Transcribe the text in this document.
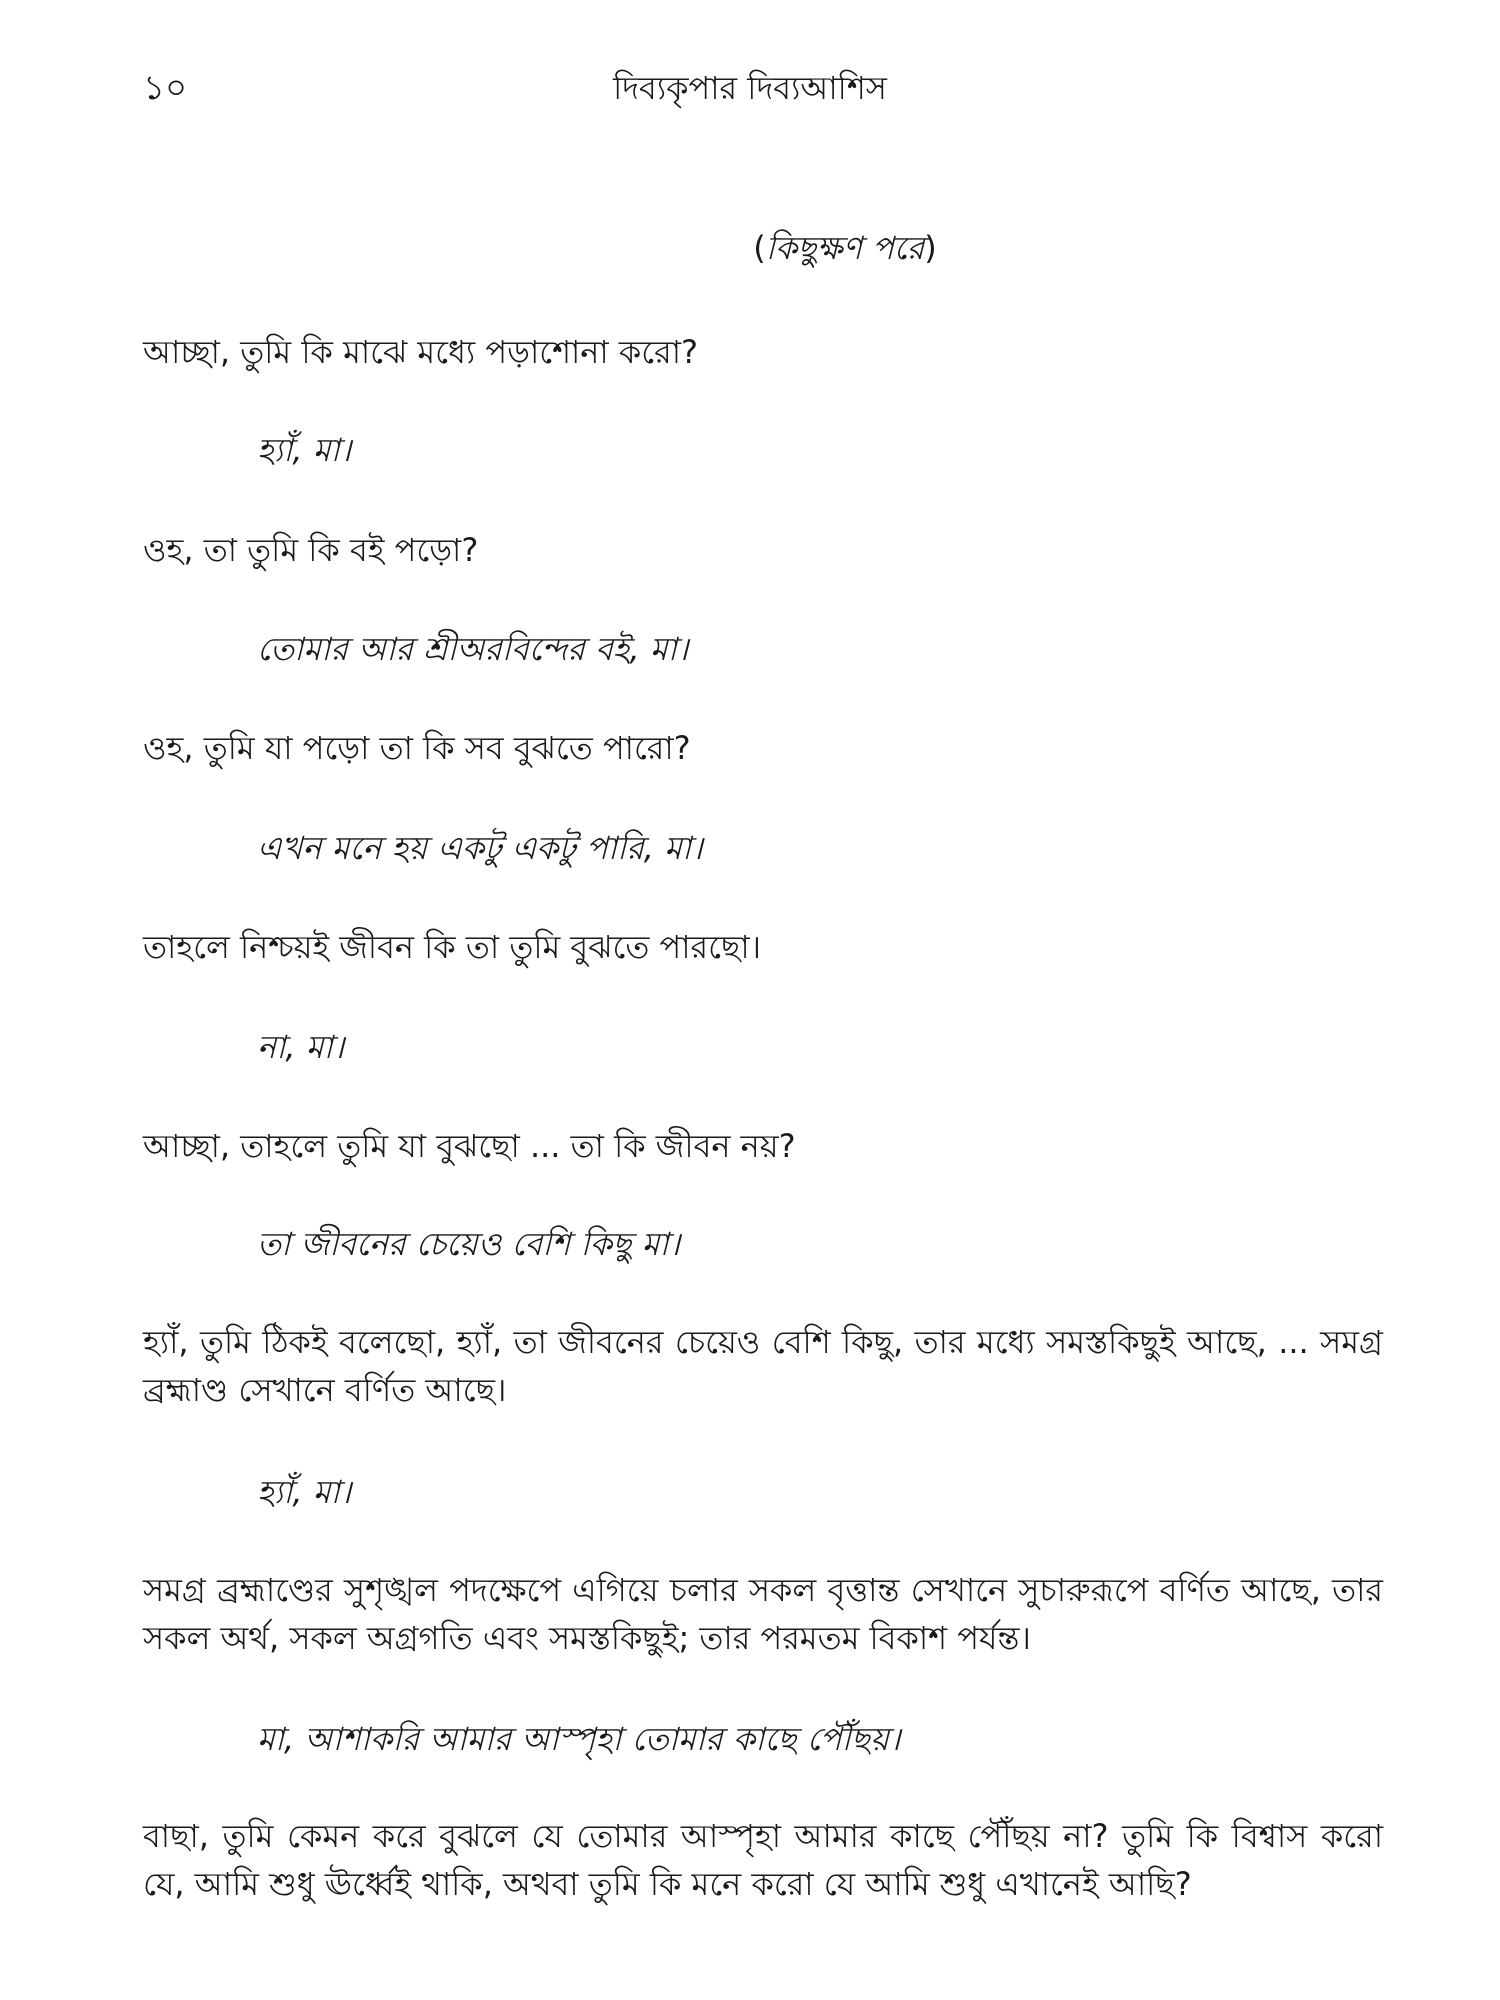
১০	দিব্যকৃপার দিব্যআশিস
(কিছুক্ষণ পরে)
আচ্ছা, তুমি কি মাঝে মধ্যে পড়াশোনা করো?
হ্যাঁ, মা।
ওহ, তা তুমি কি বই পড়ো?
তোমার আর শ্রীঅরবিন্দের বই, মা।
ওহ, তুমি যা পড়ো তা কি সব বুঝতে পারো?
এখন মনে হয় একটু একটু পারি, মা।
তাহলে নিশ্চয়ই জীবন কি তা তুমি বুঝতে পারছো।
না, মা।
আচ্ছা, তাহলে তুমি যা বুঝছো ... তা কি জীবন নয়?
তা জীবনের চেয়েও বেশি কিছু মা।
হ্যাঁ, তুমি ঠিকই বলেছো, হ্যাঁ, তা জীবনের চেয়েও বেশি কিছু, তার মধ্যে সমস্তকিছুই আছে, ... সমগ্র ব্রহ্মাণ্ড সেখানে বর্ণিত আছে।
হ্যাঁ, মা।
সমগ্র ব্রহ্মাণ্ডের সুশৃঙ্খল পদক্ষেপে এগিয়ে চলার সকল বৃত্তান্ত সেখানে সুচারুরূপে বর্ণিত আছে, তার সকল অর্থ, সকল অগ্রগতি এবং সমস্তকিছুই; তার পরমতম বিকাশ পর্যন্ত।
মা, আশাকরি আমার আস্পৃহা তোমার কাছে পৌঁছয়।
বাছা, তুমি কেমন করে বুঝলে যে তোমার আস্পৃহা আমার কাছে পৌঁছয় না? তুমি কি বিশ্বাস করো যে, আমি শুধু ঊর্ধ্বেই থাকি, অথবা তুমি কি মনে করো যে আমি শুধু এখানেই আছি?
